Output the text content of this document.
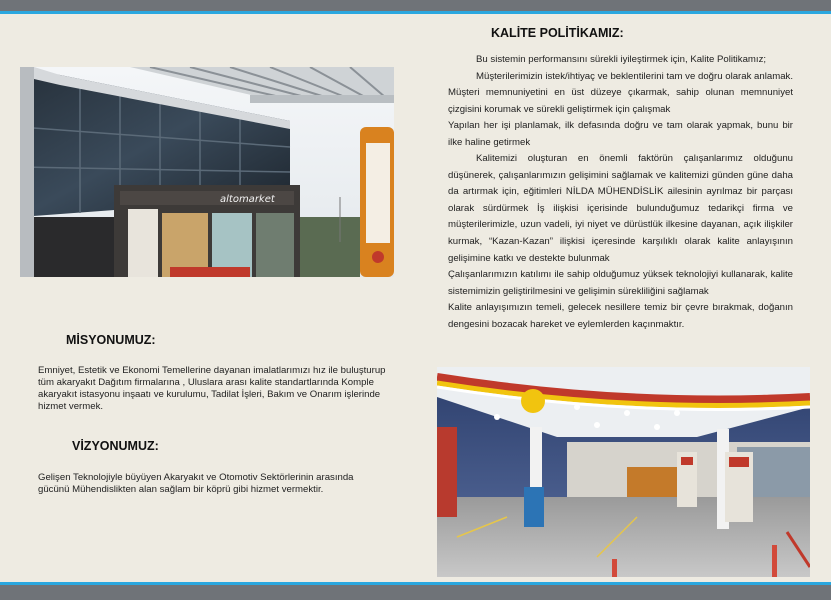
altomarket
MİSYONUMUZ:

Emniyet, Estetik ve Ekonomi Temellerine dayanan imalatlarımızı hız ile buluşturup tüm akaryakıt Dağıtım firmalarına , Uluslara arası kalite standartlarında Komple akaryakıt istasyonu inşaatı ve kurulumu, Tadilat İşleri, Bakım ve Onarım işlerinde hizmet vermek.

VİZYONUMUZ:

Gelişen Teknolojiyle büyüyen Akaryakıt ve Otomotiv Sektörlerinin arasında gücünü Mühendislikten alan sağlam bir köprü gibi hizmet vermektir.

KALİTE POLİTİKAMIZ:

Bu sistemin performansını sürekli iyileştirmek için, Kalite Politikamız;

Müşterilerimizin istek/ihtiyaç ve beklentilerini tam ve doğru olarak anlamak. Müşteri memnuniyetini en üst düzeye çıkarmak, sahip olunan memnuniyet çizgisini korumak ve sürekli geliştirmek için çalışmak

Yapılan her işi planlamak, ilk defasında doğru ve tam olarak yapmak, bunu bir ilke haline getirmek

Kalitemizi oluşturan en önemli faktörün çalışanlarımız olduğunu düşünerek, çalışanlarımızın gelişimini sağlamak ve kalitemizi günden güne daha da artırmak için, eğitimleri NİLDA MÜHENDİSLİK ailesinin ayrılmaz bir parçası olarak sürdürmek İş ilişkisi içerisinde bulunduğumuz tedarikçi firma ve müşterilerimizle, uzun vadeli, iyi niyet ve dürüstlük ilkesine dayanan, açık ilişkiler kurmak, “Kazan-Kazan” ilişkisi içeresinde karşılıklı olarak kalite anlayışının gelişimine katkı ve destekte bulunmak

Çalışanlarımızın katılımı ile sahip olduğumuz yüksek teknolojiyi kullanarak, kalite sistemimizin geliştirilmesini ve gelişimin sürekliliğini sağlamak

Kalite anlayışımızın temeli, gelecek nesillere temiz bir çevre bırakmak, doğanın dengesini bozacak hareket ve eylemlerden kaçınmaktır.
